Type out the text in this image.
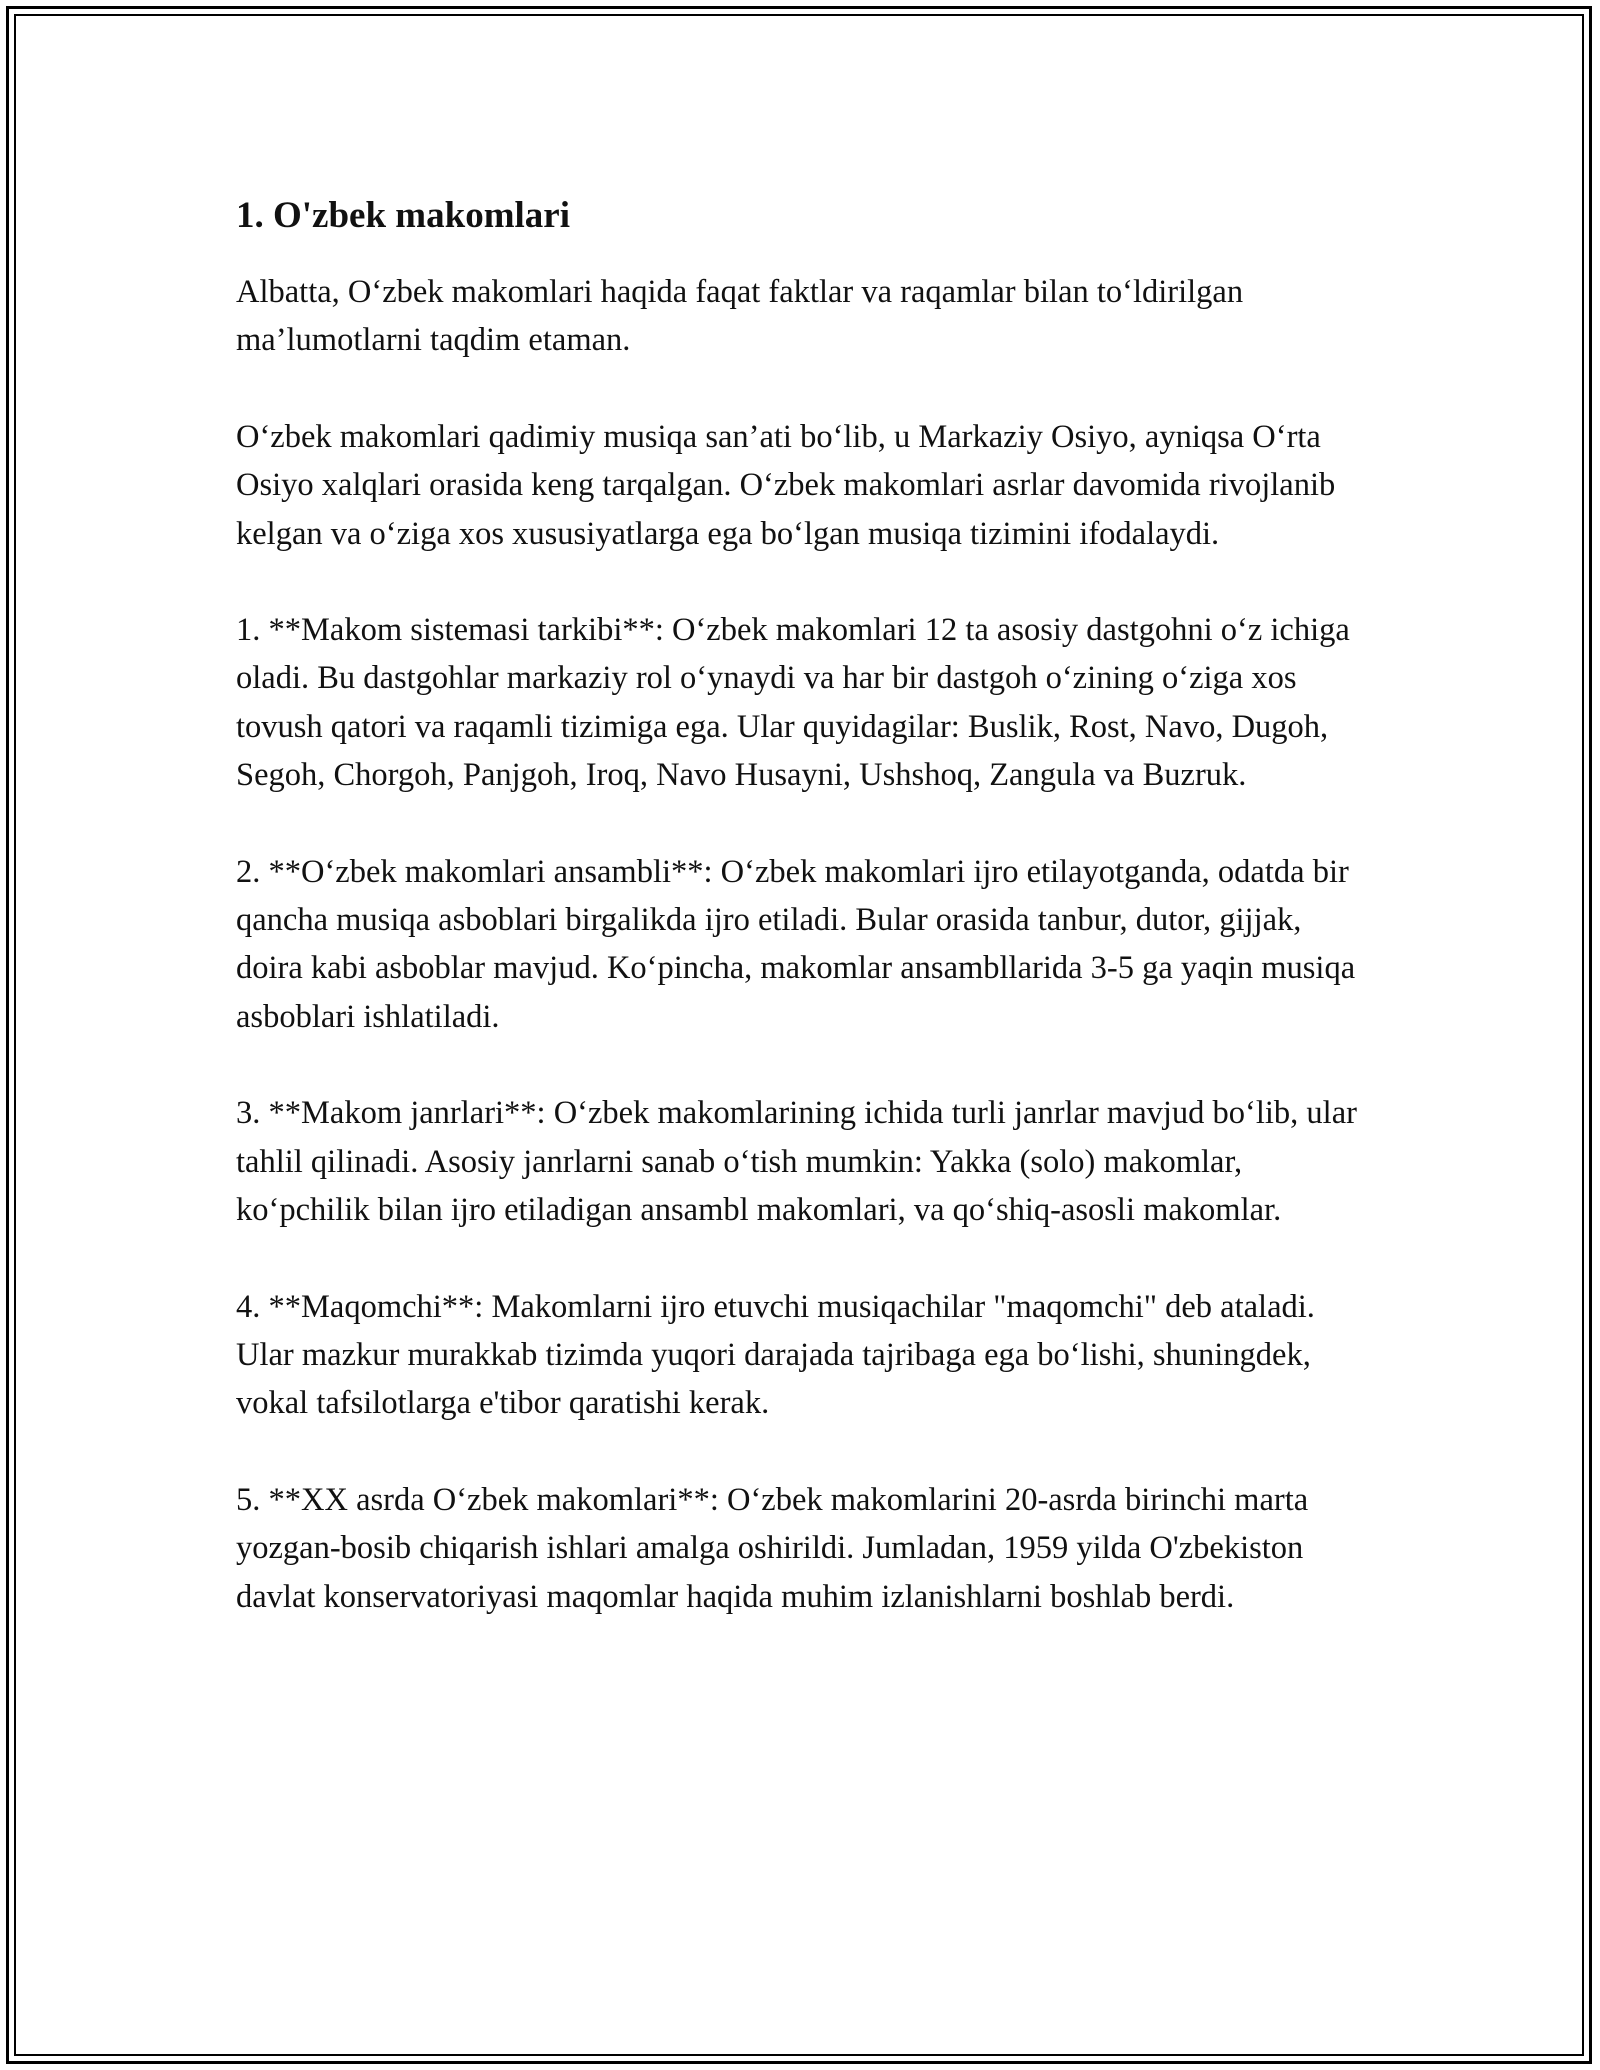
1. O'zbek makomlari

Albatta, O‘zbek makomlari haqida faqat faktlar va raqamlar bilan to‘ldirilgan ma’lumotlarni taqdim etaman.

O‘zbek makomlari qadimiy musiqa san’ati bo‘lib, u Markaziy Osiyo, ayniqsa O‘rta Osiyo xalqlari orasida keng tarqalgan. O‘zbek makomlari asrlar davomida rivojlanib kelgan va o‘ziga xos xususiyatlarga ega bo‘lgan musiqa tizimini ifodalaydi.

1. **Makom sistemasi tarkibi**: O‘zbek makomlari 12 ta asosiy dastgohni o‘z ichiga oladi. Bu dastgohlar markaziy rol o‘ynaydi va har bir dastgoh o‘zining o‘ziga xos tovush qatori va raqamli tizimiga ega. Ular quyidagilar: Buslik, Rost, Navo, Dugoh, Segoh, Chorgoh, Panjgoh, Iroq, Navo Husayni, Ushshoq, Zangula va Buzruk.

2. **O‘zbek makomlari ansambli**: O‘zbek makomlari ijro etilayotganda, odatda bir qancha musiqa asboblari birgalikda ijro etiladi. Bular orasida tanbur, dutor, gijjak, doira kabi asboblar mavjud. Ko‘pincha, makomlar ansambllarida 3-5 ga yaqin musiqa asboblari ishlatiladi.

3. **Makom janrlari**: O‘zbek makomlarining ichida turli janrlar mavjud bo‘lib, ular tahlil qilinadi. Asosiy janrlarni sanab o‘tish mumkin: Yakka (solo) makomlar, ko‘pchilik bilan ijro etiladigan ansambl makomlari, va qo‘shiq-asosli makomlar.

4. **Maqomchi**: Makomlarni ijro etuvchi musiqachilar "maqomchi" deb ataladi. Ular mazkur murakkab tizimda yuqori darajada tajribaga ega bo‘lishi, shuningdek, vokal tafsilotlarga e'tibor qaratishi kerak.

5. **XX asrda O‘zbek makomlari**: O‘zbek makomlarini 20-asrda birinchi marta yozgan-bosib chiqarish ishlari amalga oshirildi. Jumladan, 1959 yilda O'zbekiston davlat konservatoriyasi maqomlar haqida muhim izlanishlarni boshlab berdi.
